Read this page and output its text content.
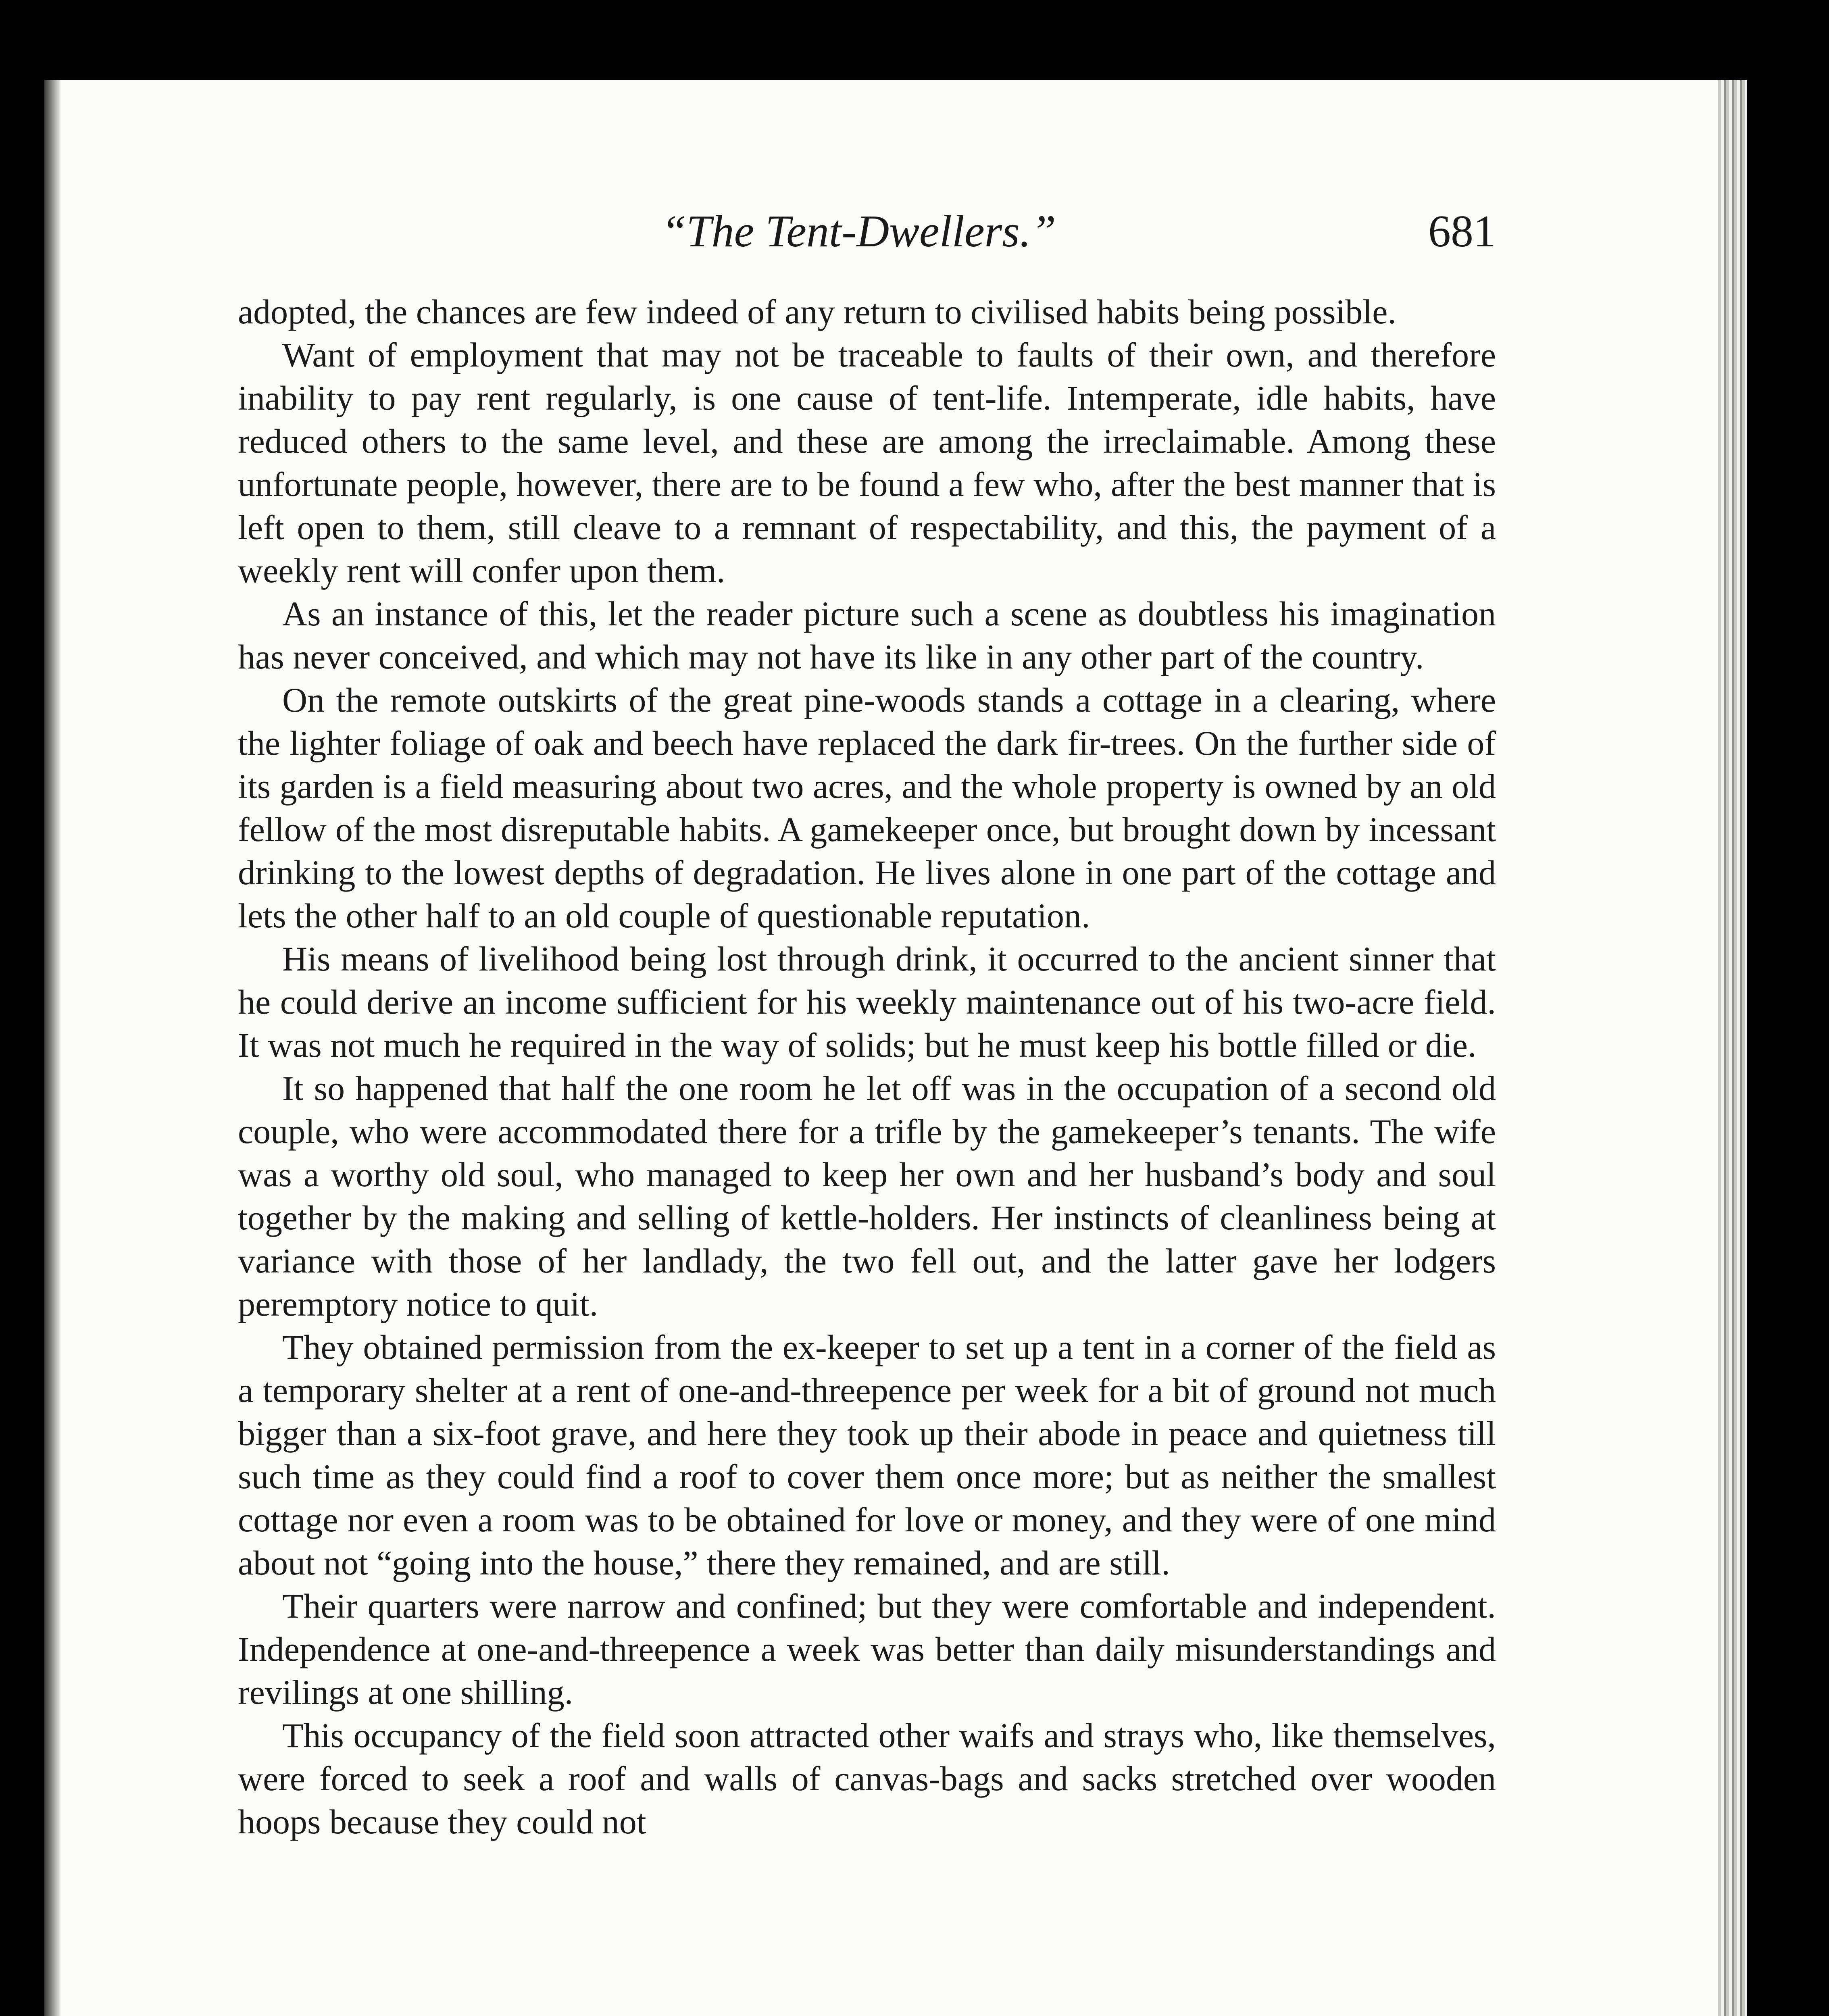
“The Tent-Dwellers.”	681

adopted, the chances are few indeed of any return to civilised habits being possible.

Want of employment that may not be traceable to faults of their own, and therefore inability to pay rent regularly, is one cause of tent-life. Intemperate, idle habits, have reduced others to the same level, and these are among the irreclaimable. Among these unfortunate people, however, there are to be found a few who, after the best manner that is left open to them, still cleave to a remnant of respectability, and this, the payment of a weekly rent will confer upon them.

As an instance of this, let the reader picture such a scene as doubtless his imagination has never conceived, and which may not have its like in any other part of the country.

On the remote outskirts of the great pine-woods stands a cottage in a clearing, where the lighter foliage of oak and beech have replaced the dark fir-trees. On the further side of its garden is a field measuring about two acres, and the whole property is owned by an old fellow of the most disreputable habits. A gamekeeper once, but brought down by incessant drinking to the lowest depths of degradation. He lives alone in one part of the cottage and lets the other half to an old couple of questionable reputation.

His means of livelihood being lost through drink, it occurred to the ancient sinner that he could derive an income sufficient for his weekly maintenance out of his two-acre field. It was not much he required in the way of solids; but he must keep his bottle filled or die.

It so happened that half the one room he let off was in the occupation of a second old couple, who were accommodated there for a trifle by the gamekeeper’s tenants. The wife was a worthy old soul, who managed to keep her own and her husband’s body and soul together by the making and selling of kettle-holders. Her instincts of cleanliness being at variance with those of her landlady, the two fell out, and the latter gave her lodgers peremptory notice to quit.

They obtained permission from the ex-keeper to set up a tent in a corner of the field as a temporary shelter at a rent of one-and-threepence per week for a bit of ground not much bigger than a six-foot grave, and here they took up their abode in peace and quietness till such time as they could find a roof to cover them once more; but as neither the smallest cottage nor even a room was to be obtained for love or money, and they were of one mind about not “going into the house,” there they remained, and are still.

Their quarters were narrow and confined; but they were comfortable and independent. Independence at one-and-threepence a week was better than daily misunderstandings and revilings at one shilling.

This occupancy of the field soon attracted other waifs and strays who, like themselves, were forced to seek a roof and walls of canvas-bags and sacks stretched over wooden hoops because they could not
